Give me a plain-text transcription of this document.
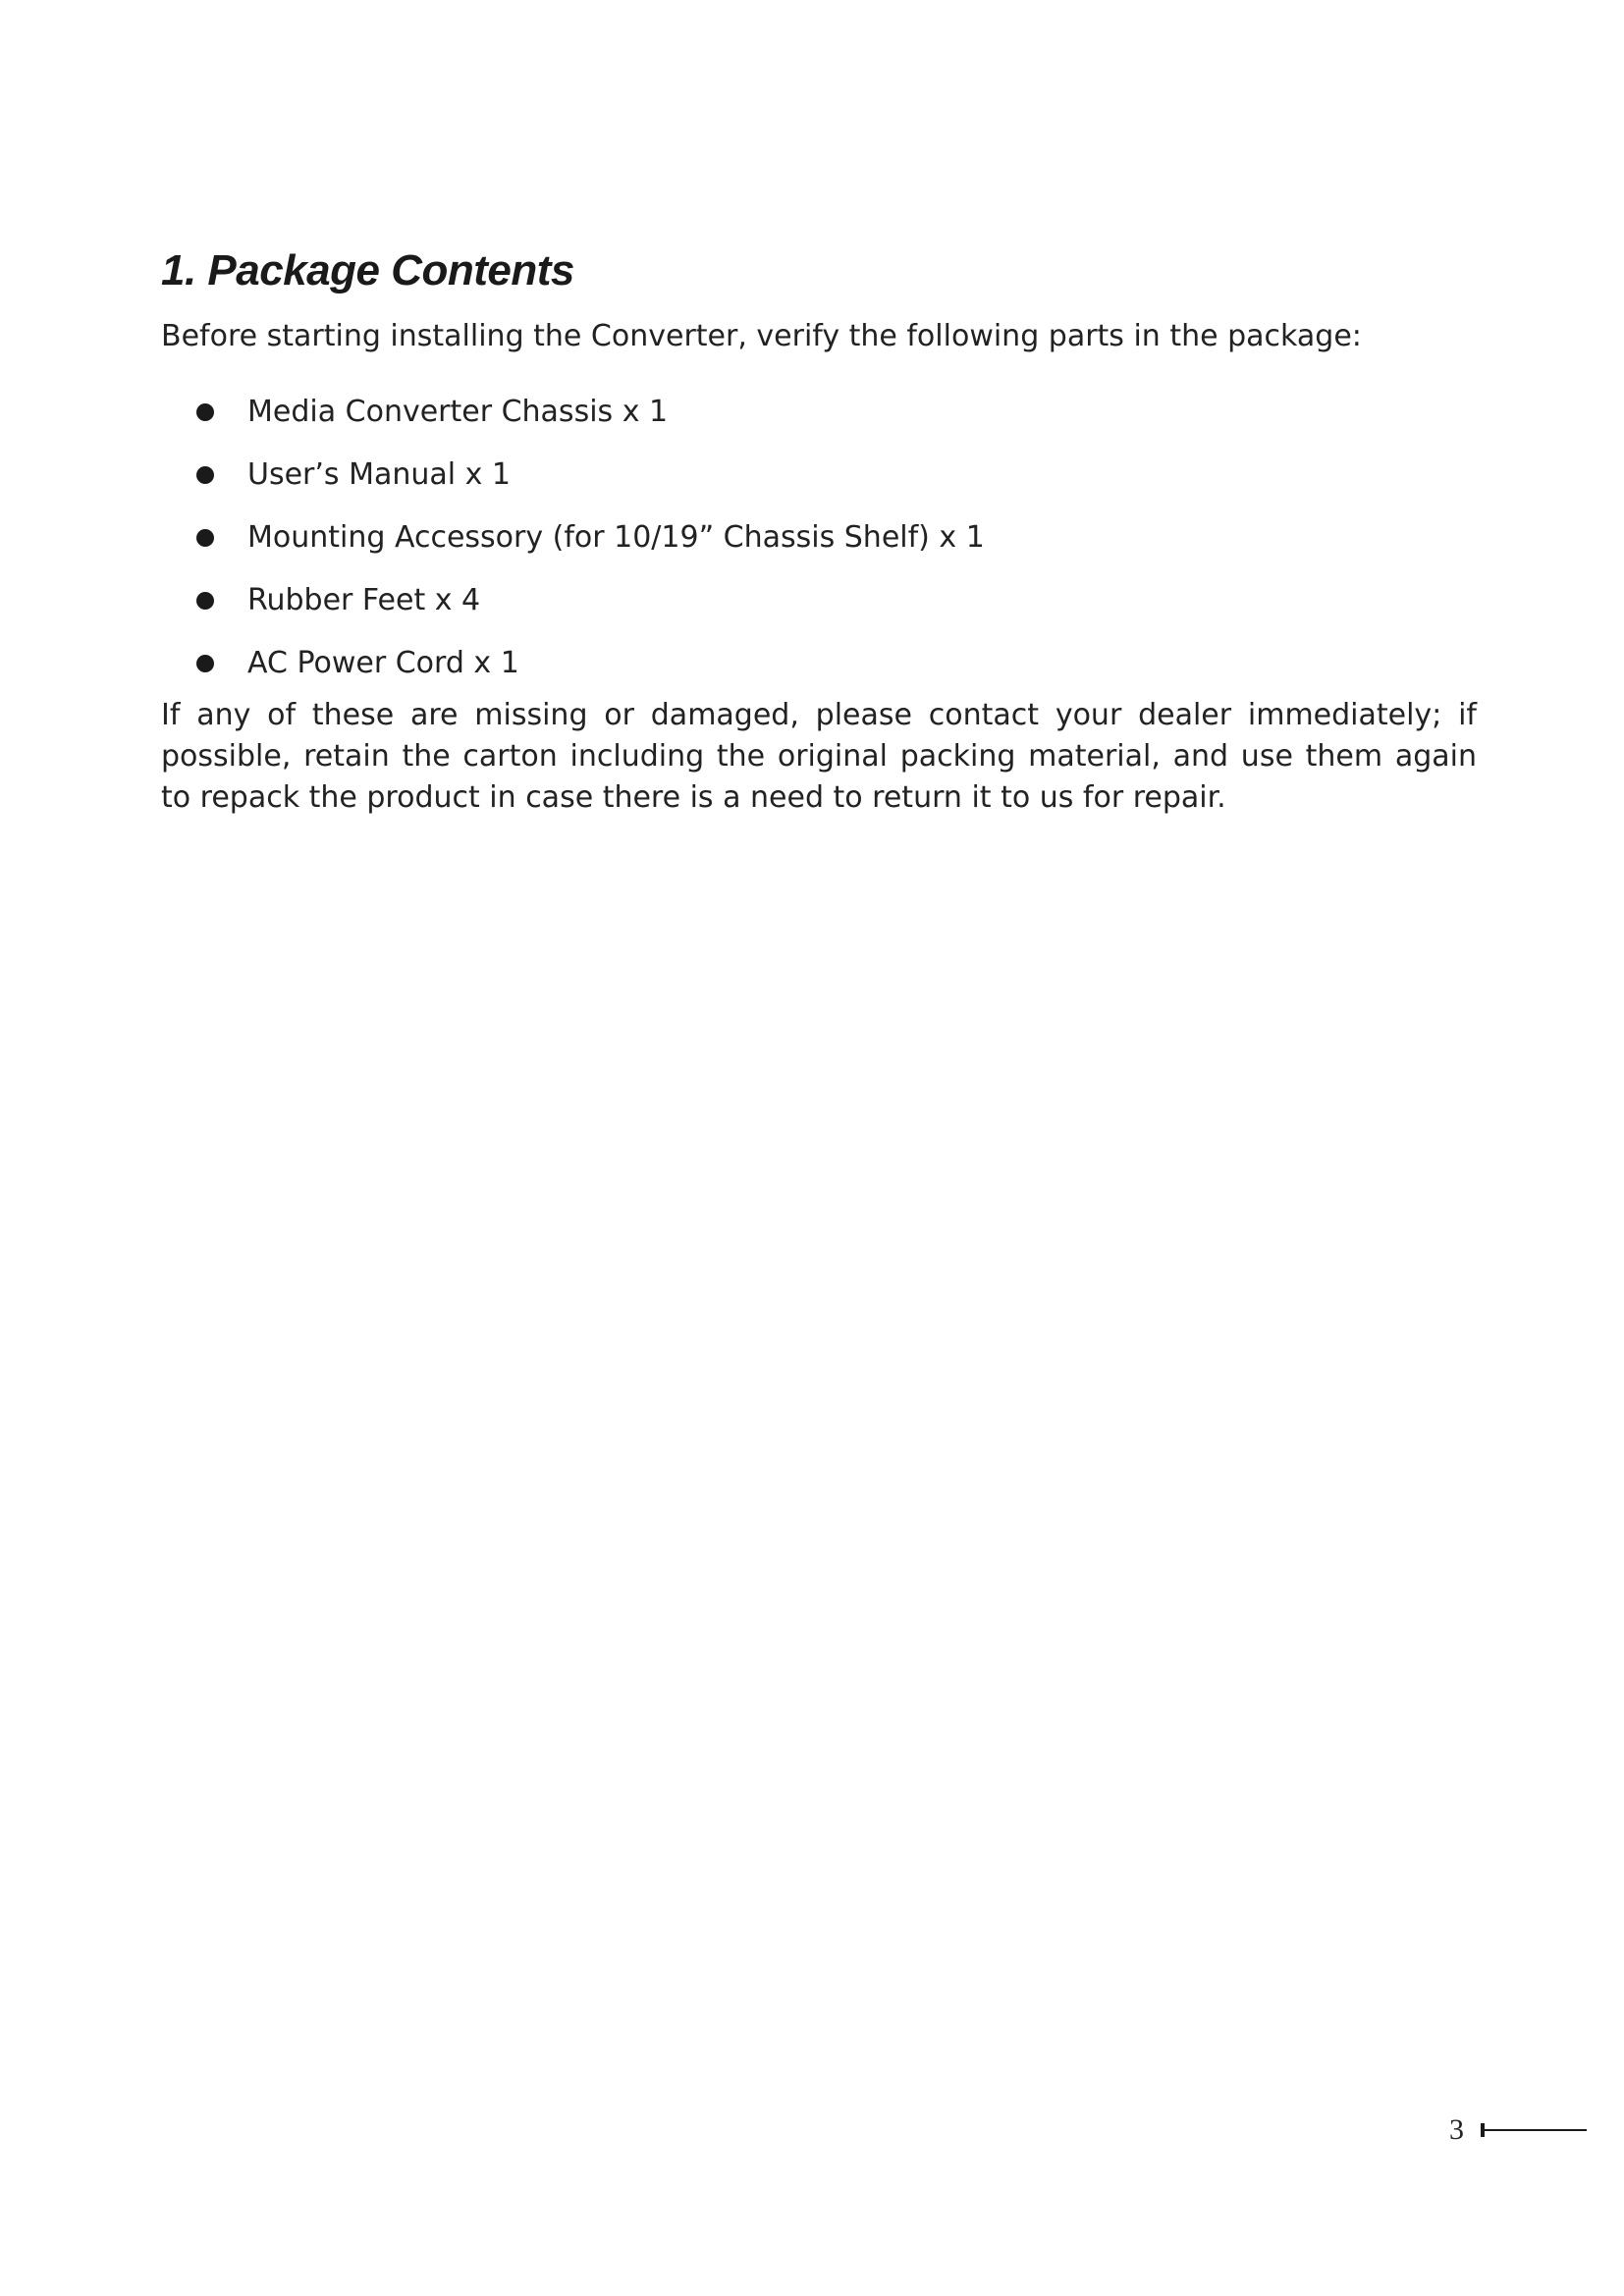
1. Package Contents

Before starting installing the Converter, verify the following parts in the package:

Media Converter Chassis x 1
User’s Manual x 1
Mounting Accessory (for 10/19” Chassis Shelf) x 1
Rubber Feet x 4
AC Power Cord x 1

If any of these are missing or damaged, please contact your dealer immediately; if possible, retain the carton including the original packing material, and use them again to repack the product in case there is a need to return it to us for repair.

3
